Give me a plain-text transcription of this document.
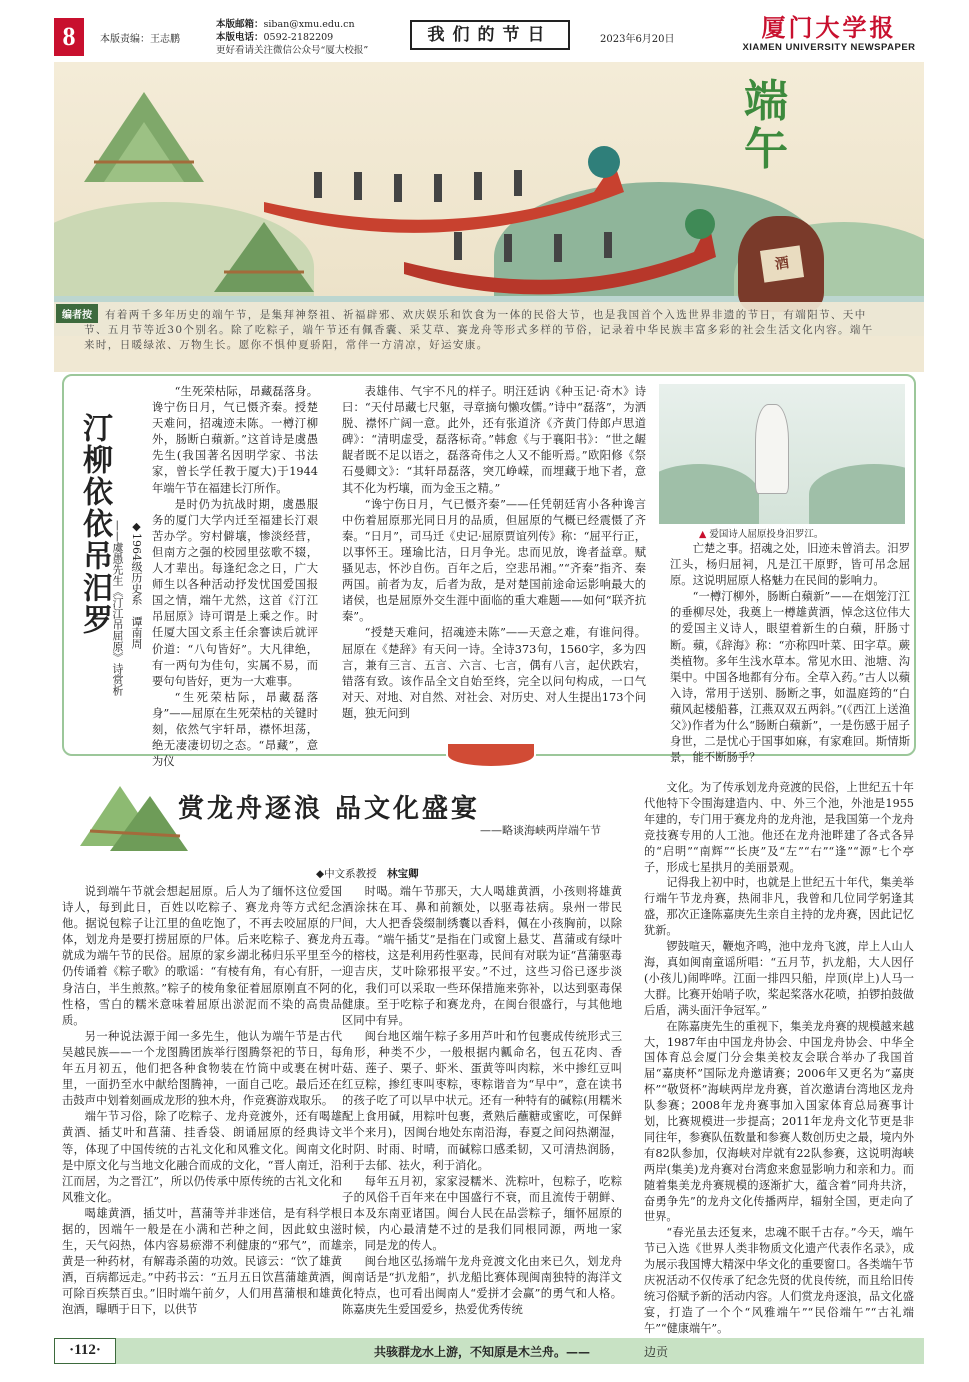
8	本版责编：王志鹏
本版邮箱：siban@xmu.edu.cn
本版电话：0592-2182209
更好看请关注微信公众号“厦大校报”
我们的节日	2023年6月20日	厦门大学报
XIAMEN UNIVERSITY NEWSPAPER
酒
端午
编者按	有着两千多年历史的端午节，是集拜神祭祖、祈福辟邪、欢庆娱乐和饮食为一体的民俗大节，也是我国首个入选世界非遗的节日，有端阳节、天中节、五月节等近30个别名。除了吃粽子，端午节还有佩香囊、采艾草、赛龙舟等形式多样的节俗，记录着中华民族丰富多彩的社会生活文化内容。端午来时，日暖绿浓、万物生长。愿你不惧仲夏骄阳，常伴一方清凉，好运安康。
汀柳依依吊汨罗	◆1964级历史系　谭南周
——虞愚先生《汀江吊屈原》诗赏析

“生死荣枯际，昂藏磊落身。谗宁伤日月，气已慑齐秦。授楚天难问，招魂迹未陈。一樽汀柳外，肠断白蘋新。”这首诗是虞愚先生(我国著名因明学家、书法家，曾长学任教于厦大)于1944年端午节在福建长汀所作。

是时仍为抗战时期，虞愚服务的厦门大学内迁至福建长汀艰苦办学。穷村僻壤，惨淡经营，但南方之强的校园里弦歌不辍，人才辈出。每逢纪念之日，广大师生以各种活动抒发忧国爱国报国之情，端午尤然，这首《汀江吊屈原》诗可谓是上乘之作。时任厦大国文系主任余謇读后就评价道：“八句皆好”。大凡律绝，有一两句为佳句，实属不易，而要句句皆好，更为一大难事。

“生死荣枯际，昂藏磊落身”——屈原在生死荣枯的关键时刻，依然气宇轩昂，襟怀坦荡，绝无凄凄切切之态。“昂藏”，意为仪

表雄伟、气宇不凡的样子。明汪廷讷《种玉记·奇木》诗曰：“天付昂藏七尺躯，寻章摘句懒攻儒。”诗中“磊落”，为洒脱、襟怀广阔一意。此外，还有张道济《齐黄门侍郎卢思道碑》：“清明虚受，磊落标奇。”韩愈《与于襄阳书》：“世之龌龊者既不足以语之，磊落奇伟之人又不能听焉。”欧阳修《祭石曼卿文》：“其轩昂磊落，突兀峥嵘，而埋藏于地下者，意其不化为朽壤，而为金玉之精。”

“谗宁伤日月，气已慑齐秦”——任凭朝廷宵小各种谗言中伤着屈原那光同日月的品质，但屈原的气概已经震慑了齐秦。“日月”，司马迁《史记·屈原贾谊列传》称：“屈平行正，以事怀王。瑾瑜比洁，日月争光。忠而见放，谗者益章。赋骚见志，怀沙自伤。百年之后，空悲吊湘。”“齐秦”指齐、秦两国。前者为友，后者为敌，是对楚国前途命运影响最大的诸侯，也是屈原外交生涯中面临的重大难题——如何“联齐抗秦”。

“授楚天难问，招魂迹未陈”——天意之难，有谁问得。屈原在《楚辞》有天问一诗。全诗373句，1560字，多为四言，兼有三言、五言、六言、七言，偶有八言，起伏跌宕，错落有致。该作品全文自始至终，完全以问句构成，一口气对天、对地、对自然、对社会、对历史、对人生提出173个问题，独无问到

▲ 爱国诗人屈原投身汨罗江。

亡楚之事。招魂之处，旧迹未曾消去。汨罗江头，杨归屈祠，凡是江干原野，皆可吊念屈原。这说明屈原人格魅力在民间的影响力。

“一樽汀柳外，肠断白蘋新”——在烟笼汀江的垂柳尽处，我奠上一樽雄黄酒，悼念这位伟大的爱国主义诗人，眼望着新生的白蘋，肝肠寸断。蘋，《辞海》称：“亦称四叶菜、田字草。蕨类植物。多年生浅水草本。常见水田、池塘、沟渠中。中国各地都有分布。全草入药。”古人以蘋入诗，常用于送别、肠断之事，如温庭筠的“白蘋风起楼船暮，江燕双双五两斜。”(《西江上送渔父》)作者为什么“肠断白蘋新”，一是伤感于屈子身世，二是忧心于国事如麻，有家难回。斯情斯景，能不断肠乎？

赏龙舟逐浪 品文化盛宴
——略谈海峡两岸端午节
◆中文系教授　 林宝卿

说到端午节就会想起屈原。后人为了缅怀这位爱国诗人，每到此日，百姓以吃粽子、赛龙舟等方式纪念他。据说包粽子让江里的鱼吃饱了，不再去咬屈原的尸体，划龙舟是要打捞屈原的尸体。后来吃粽子、赛龙舟就成为端午节的民俗。屈原的家乡湖北秭归乐平里至今仍传诵着《粽子歌》的歌谣：“有棱有角，有心有肝，一身洁白，半生煎熬。”粽子的棱角象征着屈原刚直不阿的性格，雪白的糯米意味着屈原出淤泥而不染的高贵品质。

另一种说法源于闻一多先生，他认为端午节是古代吴越民族——一个龙图腾团族举行图腾祭祀的节日，每年五月初五，他们把各种食物装在竹筒中或裹在树叶里，一面扔至水中献给图腾神，一面自己吃。最后还在击鼓声中划着刻画成龙形的独木舟，作竞赛游戏取乐。

端午节习俗，除了吃粽子、龙舟竞渡外，还有喝雄黄酒、插艾叶和菖蒲、挂香袋、朗诵屈原的经典诗文等，体现了中国传统的古礼文化和风雅文化。闽南文化是中原文化与当地文化融合而成的文化，“晋人南迁，沿江而居，为之晋江”，所以仍传承中原传统的古礼文化和风雅文化。

喝雄黄酒，插艾叶，菖蒲等并非迷信，是有科学根据的，因端午一般是在小满和芒种之间，因此蚊虫滋生，天气闷热，体内容易瘀滞不利健康的“邪气”，而雄黄是一种药材，有解毒杀菌的功效。民谚云：“饮了雄黄酒，百病都远走。”中药书云：“五月五日饮菖蒲雄黄酒，可除百疾禁百虫。”旧时端午前夕，人们用菖蒲根和雄黄泡酒，曝晒于日下，以供节

时喝。端午节那天，大人喝雄黄酒，小孩则将雄黄酒涂抹在耳、鼻和前额处，以驱毒祛病。泉州一带民间，大人把香袋缀制绣囊以香料，佩在小孩胸前，以除五毒。“端午插艾”是指在门或窗上悬艾、菖蒲或有绿叶的榕枝，这是利用药性驱毒，民间有对联为证“菖蒲驱毒迎吉庆，艾叶除邪报平安。”不过，这些习俗已逐步淡化，我们可以采取一些环保措施来弥补，以达到驱毒保健康。至于吃粽子和赛龙舟，在闽台很盛行，与其他地区同中有异。

闽台地区端午粽子多用芦叶和竹包裹成传统形式三角形，种类不少，一般根据内瓤命名，包五花肉、香菇、莲子、栗子、虾米、蛋黄等叫肉粽，米中掺红豆叫红豆粽，掺红枣叫枣粽，枣粽谐音为“早中”，意在读书的孩子吃了可以早中状元。还有一种特有的碱粽(用糯米配上食用碱，用粽叶包裹，煮熟后蘸糖或蜜吃，可保鲜半个来月)，因闽台地处东南沿海，春夏之间闷热潮湿，时阴、时雨、时晴，而碱粽口感柔韧，又可清热润肠，利于去郁、祛火，利于消化。

每年五月初，家家浸糯米、洗粽叶，包粽子，吃粽子的风俗千百年来在中国盛行不衰，而且流传于朝鲜、日本及东南亚诸国。闽台人民在品尝粽子，缅怀屈原的时候，内心最清楚不过的是我们同根同源，两地一家亲，同是龙的传人。

闽台地区弘扬端午龙舟竞渡文化由来已久，划龙舟闽南话是“扒龙船”，扒龙船比赛体现闽南独特的海洋文化特点，也可看出闽南人“爱拼才会赢”的勇气和人格。陈嘉庚先生爱国爱乡，热爱优秀传统

文化。为了传承划龙舟竞渡的民俗，上世纪五十年代他特下令围海建造内、中、外三个池，外池是1955年建的，专门用于赛龙舟的龙舟池，是我国第一个龙舟竞技赛专用的人工池。他还在龙舟池畔建了各式各异的“启明”“南辉”“长庚”及“左”“右”“逢”“源”七个亭子，形成七星拱月的美丽景观。

记得我上初中时，也就是上世纪五十年代，集美举行端午节龙舟赛，热闹非凡，我曾和几位同学躬逢其盛，那次正逢陈嘉庚先生亲自主持的龙舟赛，因此记忆犹新。

锣鼓喧天，鞭炮齐鸣，池中龙舟飞渡，岸上人山人海，真如闽南童谣所唱：“五月节，扒龙船，大人因仔(小孩儿)闹哗哗。江面一排四只船，岸顶(岸上)人马一大群。比赛开始哨子吹，桨起桨落水花喷，拍锣拍鼓做后盾，满头面汗争冠军。”

在陈嘉庚先生的重视下，集美龙舟赛的规模越来越大，1987年由中国龙舟协会、中国龙舟协会、中华全国体育总会厦门分会集美校友会联合举办了我国首届“嘉庚杯”国际龙舟邀请赛；2006年又更名为“嘉庚杯”“敬贤杯”海峡两岸龙舟赛，首次邀请台湾地区龙舟队参赛；2008年龙舟赛事加入国家体育总局赛事计划，比赛规模进一步提高；2011年龙舟文化节更是非同往年，参赛队伍数量和参赛人数创历史之最，境内外有82队参加，仅海峡对岸就有22队参赛，这说明海峡两岸(集美)龙舟赛对台湾愈来愈显影响力和亲和力。而随着集美龙舟赛规模的逐渐扩大，蕴含着“同舟共济，奋勇争先”的龙舟文化传播两岸，辐射全国，更走向了世界。

“春光虽去还复来，忠魂不眠千古存。”今天，端午节已入选《世界人类非物质文化遗产代表作名录》，成为展示我国博大精深中华文化的重要窗口。各类端午节庆祝活动不仅传承了纪念先贤的优良传统，而且给旧传统习俗赋予新的活动内容。人们赏龙舟逐浪，品文化盛宴，打造了一个个“风雅端午”“民俗端午”“古礼端午”“健康端午”。

·112·	共骇群龙水上游，不知原是木兰舟。——	边贡
